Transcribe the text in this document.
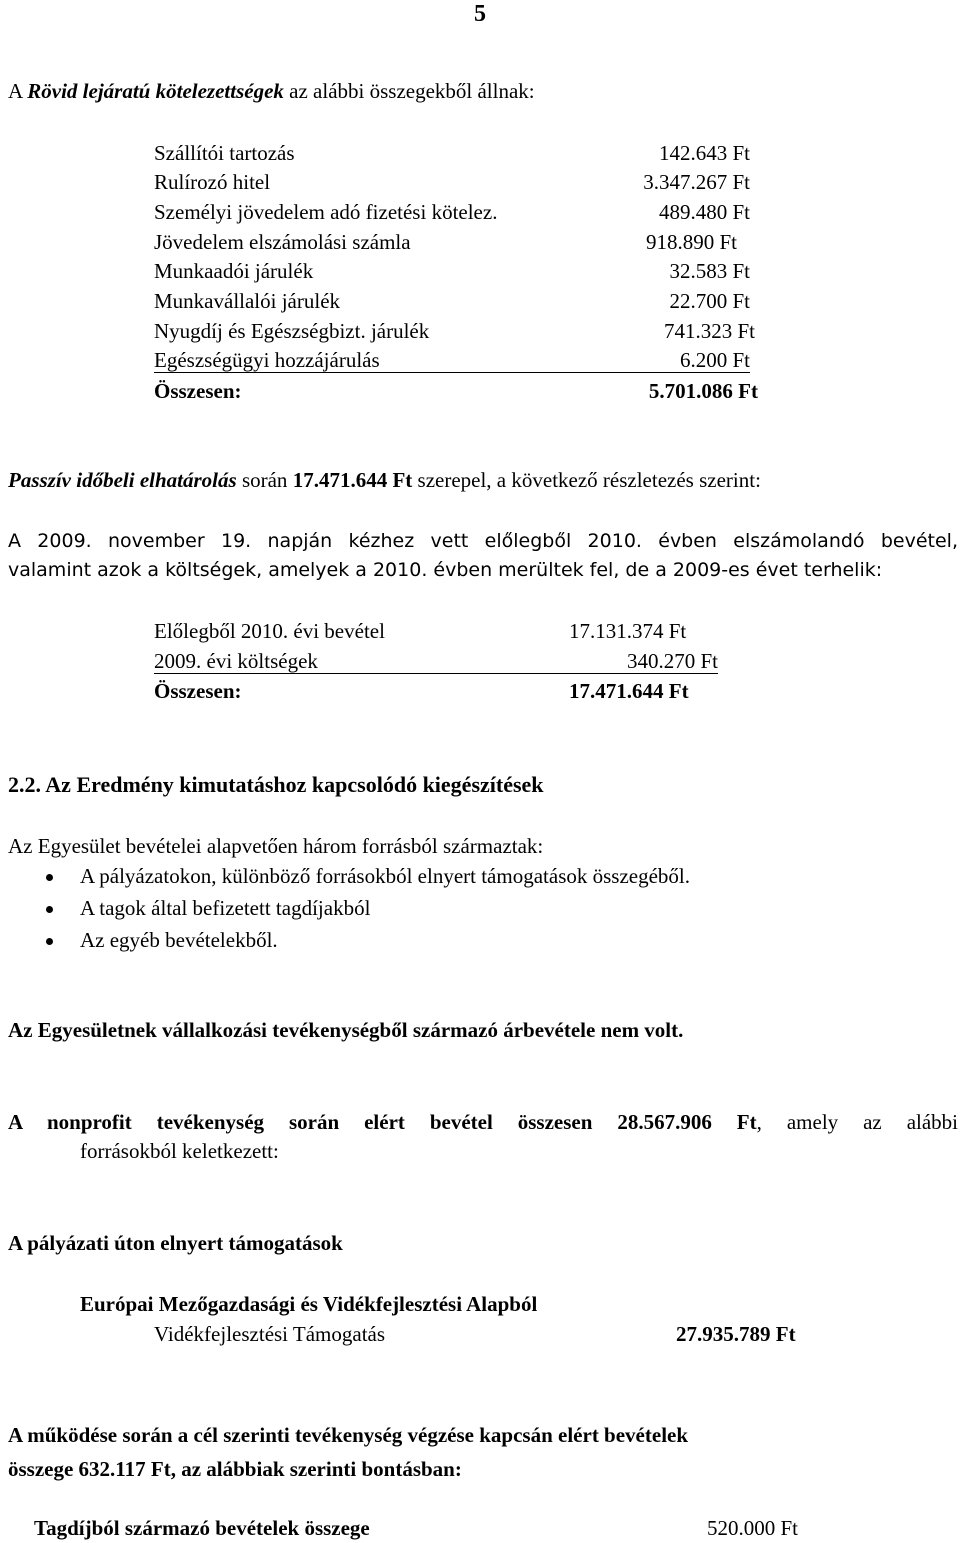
5
A Rövid lejáratú kötelezettségek az alábbi összegekből állnak:
Szállítói tartozás	142.643 Ft
Rulírozó hitel	3.347.267 Ft
Személyi jövedelem adó fizetési kötelez.	489.480 Ft
Jövedelem elszámolási számla	918.890 Ft
Munkaadói járulék	32.583 Ft
Munkavállalói járulék	22.700 Ft
Nyugdíj és Egészségbizt. járulék	741.323 Ft
Egészségügyi hozzájárulás	6.200 Ft
Összesen:	5.701.086 Ft
Passzív időbeli elhatárolás során 17.471.644 Ft szerepel, a következő részletezés szerint:
A 2009. november 19. napján kézhez vett előlegből 2010. évben elszámolandó bevétel,
valamint azok a költségek, amelyek a 2010. évben merültek fel, de a 2009-es évet terhelik:
Előlegből 2010. évi bevétel	17.131.374 Ft
2009. évi költségek	340.270 Ft
Összesen:	17.471.644 Ft
2.2. Az Eredmény kimutatáshoz kapcsolódó kiegészítések
Az Egyesület bevételei alapvetően három forrásból származtak:
A pályázatokon, különböző forrásokból elnyert támogatások összegéből.
A tagok által befizetett tagdíjakból
Az egyéb bevételekből.
Az Egyesületnek vállalkozási tevékenységből származó árbevétele nem volt.
A nonprofit tevékenység során elért bevétel összesen 28.567.906 Ft, amely az alábbi
forrásokból keletkezett:
A pályázati úton elnyert támogatások
Európai Mezőgazdasági és Vidékfejlesztési Alapból
Vidékfejlesztési Támogatás	27.935.789 Ft
A működése során a cél szerinti tevékenység végzése kapcsán elért bevételek
összege 632.117 Ft, az alábbiak szerinti bontásban:
Tagdíjból származó bevételek összege	520.000 Ft
